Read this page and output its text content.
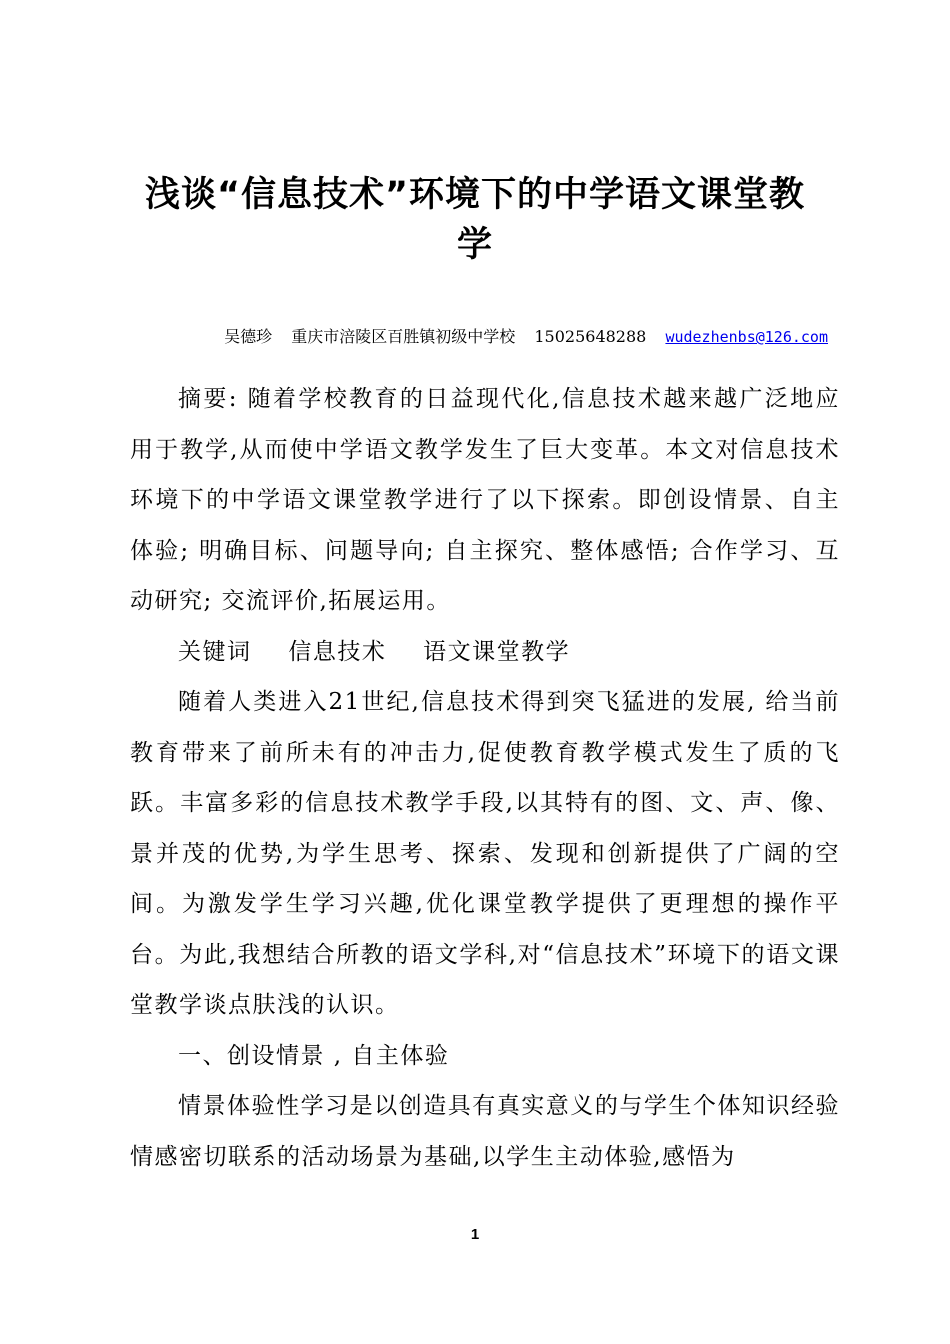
浅谈“信息技术”环境下的中学语文课堂教
学
吴德珍 重庆市涪陵区百胜镇初级中学校 15025648288 wudezhenbs@126.com

摘要: 随着学校教育的日益现代化,信息技术越来越广泛地应用于教学,从而使中学语文教学发生了巨大变革。本文对信息技术环境下的中学语文课堂教学进行了以下探索。即创设情景、自主体验; 明确目标、问题导向; 自主探究、整体感悟; 合作学习、互动研究; 交流评价,拓展运用。

关键词 信息技术 语文课堂教学

随着人类进入21世纪,信息技术得到突飞猛进的发展, 给当前教育带来了前所未有的冲击力,促使教育教学模式发生了质的飞跃。丰富多彩的信息技术教学手段,以其特有的图、文、声、像、景并茂的优势,为学生思考、探索、发现和创新提供了广阔的空间。为激发学生学习兴趣,优化课堂教学提供了更理想的操作平台。为此,我想结合所教的语文学科,对“信息技术”环境下的语文课堂教学谈点肤浅的认识。

一、创设情景 , 自主体验

情景体验性学习是以创造具有真实意义的与学生个体知识经验情感密切联系的活动场景为基础,以学生主动体验,感悟为

1
